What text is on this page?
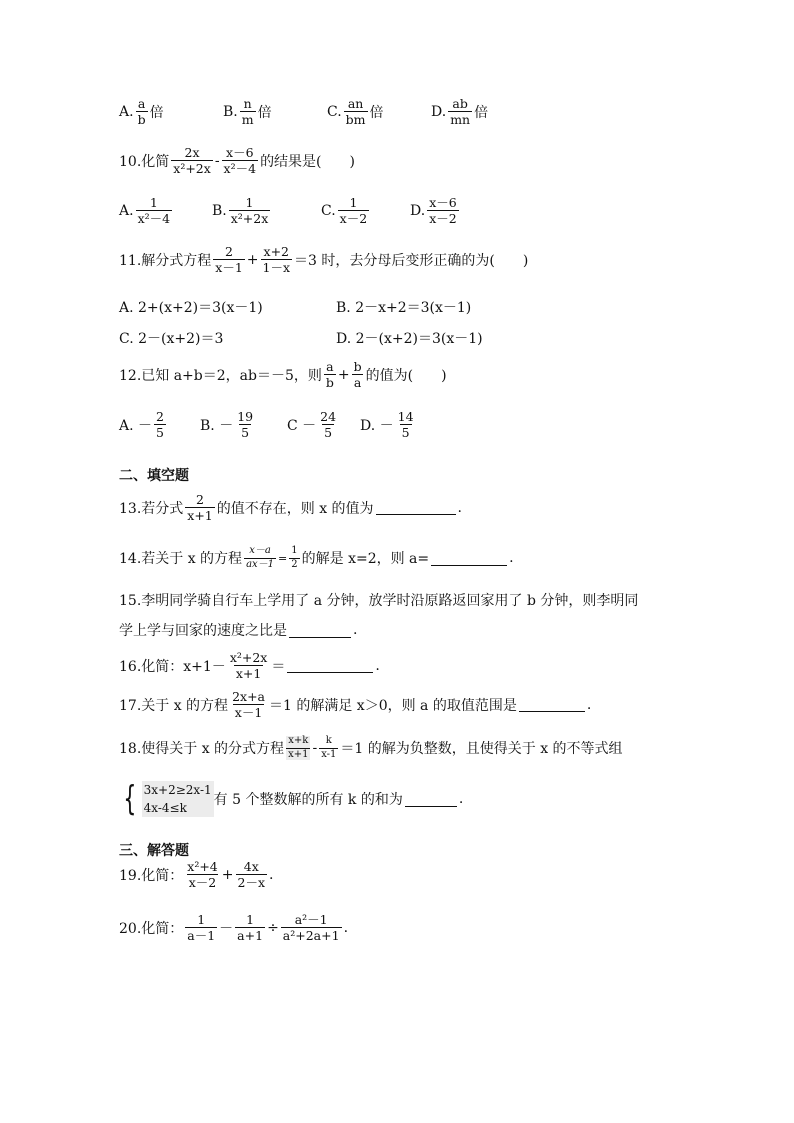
A. $\frac{a}{b}$ 倍	B. $\frac{n}{m}$ 倍	C. $\frac{an}{bm}$ 倍	D. $\frac{ab}{mn}$ 倍
10.化简 $\frac{2x}{\text{x²+2x}} - \frac{x-6}{\text{x²－4}}$ 的结果是(　　)
A. $\frac{1}{\text{x²－4}}$	B. $\frac{1}{\text{x²+2x}}$	C. $\frac{1}{x-2}$	D. $\frac{x-6}{x-2}$
11.解分式方程 $\frac{2}{x-1} + \frac{x+2}{1-x} =3$ 时，去分母后变形正确的为(　　)
A. 2+(x+2)＝3(x－1)	B. 2－x+2＝3(x－1)
C. 2－(x+2)＝3	D. 2－(x+2)＝3(x－1)
12.已知 a+b＝2，ab＝－5，则 $\frac{a}{b} + \frac{b}{a}$ 的值为(　　)
A. － $\frac{2}{5} B$. － $\frac{19}{5}$ $C - \frac{24}{5} D$. － $\frac{14}{5}$
二、填空题
13.若分式 $\frac{2}{x+1}$ 的值不存在，则 x 的值为	.
14.若关于 x 的方程 $\frac{x-a}{ax-1} = \frac{1}{2}$ 的解是 x=2，则 a=	.
15.李明同学骑自行车上学用了 a 分钟，放学时沿原路返回家用了 b 分钟，则李明同
学上学与回家的速度之比是	.
16.化简：$x+1- \frac{\text{x²+2x}}{x+1}$ ＝	.
17.关于 x 的方程 $\frac{2x+a}{x-1} =1$ 的解满足 x＞0，则 a 的取值范围是	.
18.使得关于 x 的分式方程 $\frac{x+k}{x+1} - \frac{k}{x-1} =1$ 的解为负整数，且使得关于 x 的不等式组
{ 3x+2≥2x-1
4x-4≤k	有 5 个整数解的所有 k 的和为	.
三、解答题
19.化简： $\frac{\text{x²+4}}{x-2} + \frac{4x}{2-x}$ .
20.化简： $\frac{1}{a-1} - \frac{1}{a+1} \div \frac{\text{a²－1}}{\text{a²+2a+1}}$ .
